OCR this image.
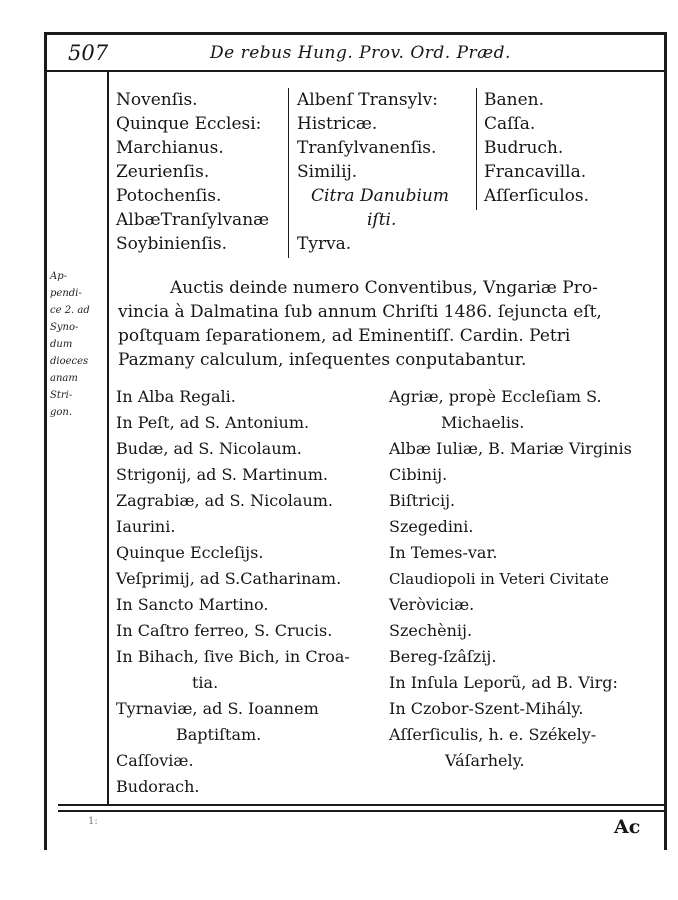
507	De rebus Hung. Prov. Ord. Præd.
Novenſis.
Quinque Ecclesi:
Marchianus.
Zeurienſis.
Potochenſis.
AlbæTranſylvanæ
Soybinienſis.
Albenſ Transylv:
Histricæ.
Tranſylvanenſis.
Similij.
Citra Danubium
iſti.
Tyrva.
Banen.
Caſſa.
Budruch.
Francavilla.
Aſſerſiculos.
Ap-
pendi-
ce 2. ad
Syno-
dum
dioeces
anam
Stri-
gon.
Auctis deinde numero Conventibus, Vngariæ Pro-
vincia à Dalmatina ſub annum Chriſti 1486. ſejuncta eſt,
poſtquam ſeparationem, ad Eminentiſſ. Cardin. Petri
Pazmany calculum, inſequentes conputabantur.
In Alba Regali.
In Peſt, ad S. Antonium.
Budæ, ad S. Nicolaum.
Strigonij, ad S. Martinum.
Zagrabiæ, ad S. Nicolaum.
Iaurini.
Quinque Eccleſijs.
Veſprimij, ad S.Catharinam.
In Sancto Martino.
In Caſtro ferreo, S. Crucis.
In Bihach, ſive Bich, in Croa-
tia.
Tyrnaviæ, ad S. Ioannem
Baptiſtam.
Caſſoviæ.
Budorach.
Agriæ, propè Eccleſiam S.
Michaelis.
Albæ Iuliæ, B. Mariæ Virginis
Cibinij.
Biſtricij.
Szegedini.
In Temes-var.
Claudiopoli in Veteri Civitate
Veròviciæ.
Szechènij.
Bereg-ſzâſzij.
In Inſula Leporũ, ad B. Virg:
In Czobor-Szent-Mihály.
Aſſerſiculis, h. e. Székely-
Váſarhely.
1:	Ac
